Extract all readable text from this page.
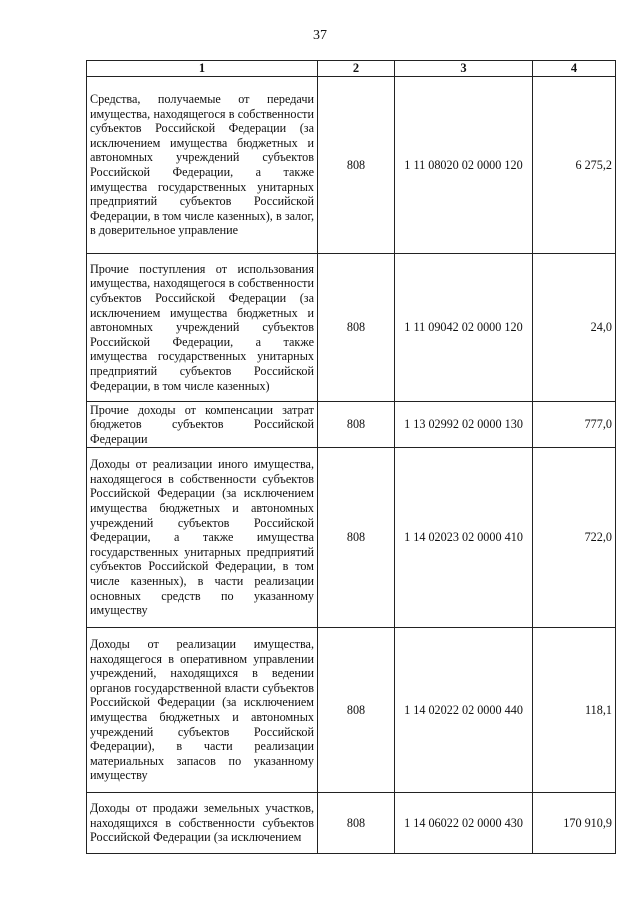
37
1	2	3	4
Средства, получаемые от передачи имущества, находящегося в собственности субъектов Российской Федерации (за исключением имущества бюджетных и автономных учреждений субъектов Российской Федерации, а также имущества государственных унитарных предприятий субъектов Российской Федерации, в том числе казенных), в залог, в доверительное управление	808	1 11 08020 02 0000 120	6 275,2
Прочие поступления от использования имущества, находящегося в собственности субъектов Российской Федерации (за исключением имущества бюджетных и автономных учреждений субъектов Российской Федерации, а также имущества государственных унитарных предприятий субъектов Российской Федерации, в том числе казенных)	808	1 11 09042 02 0000 120	24,0
Прочие доходы от компенсации затрат бюджетов субъектов Российской Федерации	808	1 13 02992 02 0000 130	777,0
Доходы от реализации иного имущества, находящегося в собственности субъектов Российской Федерации (за исключением имущества бюджетных и автономных учреждений субъектов Российской Федерации, а также имущества государственных унитарных предприятий субъектов Российской Федерации, в том числе казенных), в части реализации основных средств по указанному имуществу	808	1 14 02023 02 0000 410	722,0
Доходы от реализации имущества, находящегося в оперативном управлении учреждений, находящихся в ведении органов государственной власти субъектов Российской Федерации (за исключением имущества бюджетных и автономных учреждений субъектов Российской Федерации), в части реализации материальных запасов по указанному имуществу	808	1 14 02022 02 0000 440	118,1
Доходы от продажи земельных участков, находящихся в собственности субъектов Российской Федерации (за исключением	808	1 14 06022 02 0000 430	170 910,9
